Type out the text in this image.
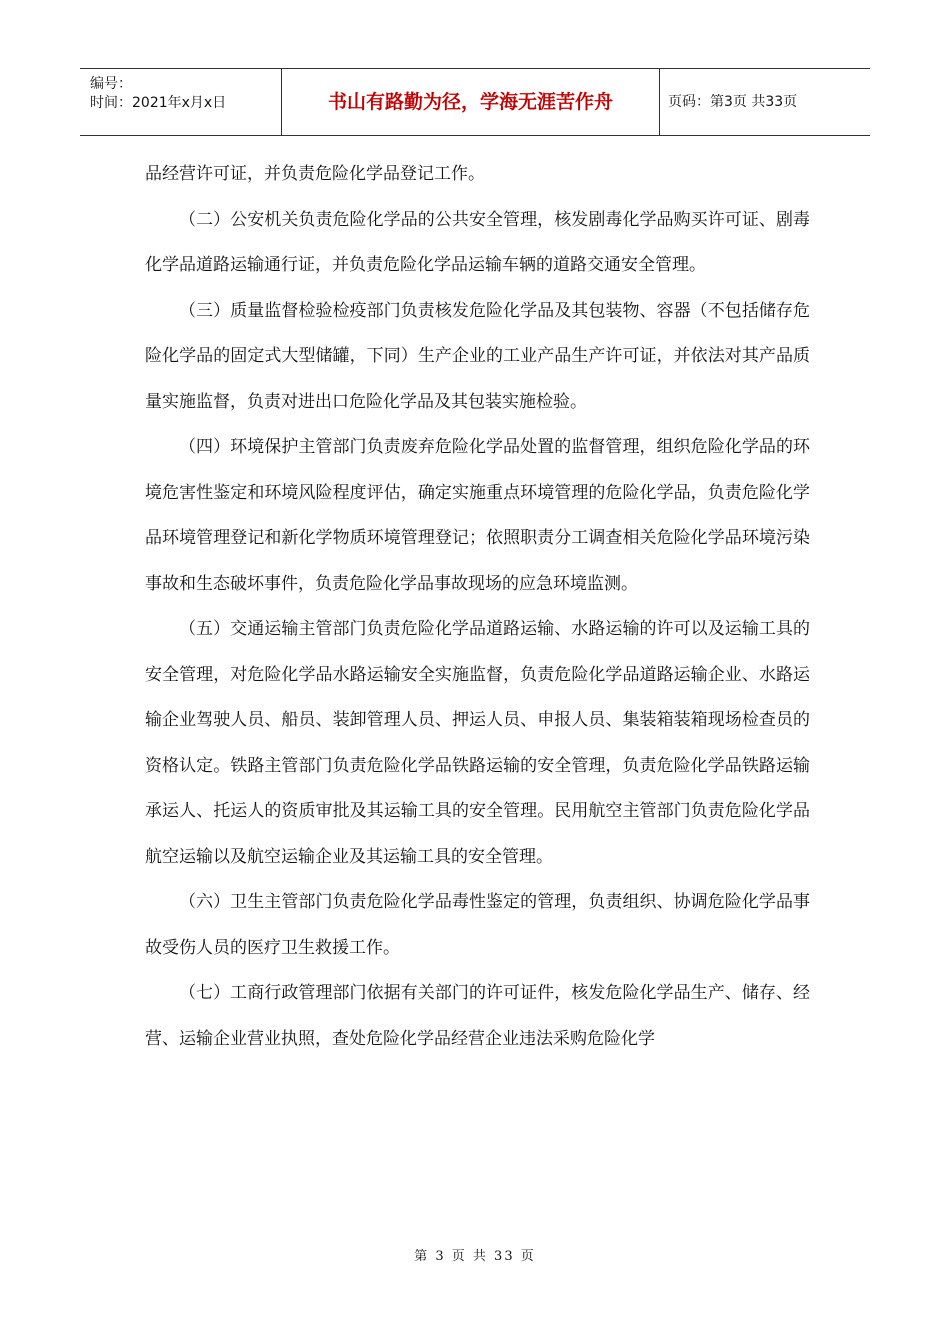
编号：
时间：2021年x月x日	书山有路勤为径，学海无涯苦作舟	页码：第3页 共33页

品经营许可证，并负责危险化学品登记工作。

（二）公安机关负责危险化学品的公共安全管理，核发剧毒化学品购买许可证、剧毒化学品道路运输通行证，并负责危险化学品运输车辆的道路交通安全管理。

（三）质量监督检验检疫部门负责核发危险化学品及其包装物、容器（不包括储存危险化学品的固定式大型储罐，下同）生产企业的工业产品生产许可证，并依法对其产品质量实施监督，负责对进出口危险化学品及其包装实施检验。

（四）环境保护主管部门负责废弃危险化学品处置的监督管理，组织危险化学品的环境危害性鉴定和环境风险程度评估，确定实施重点环境管理的危险化学品，负责危险化学品环境管理登记和新化学物质环境管理登记；依照职责分工调查相关危险化学品环境污染事故和生态破坏事件，负责危险化学品事故现场的应急环境监测。

（五）交通运输主管部门负责危险化学品道路运输、水路运输的许可以及运输工具的安全管理，对危险化学品水路运输安全实施监督，负责危险化学品道路运输企业、水路运输企业驾驶人员、船员、装卸管理人员、押运人员、申报人员、集装箱装箱现场检查员的资格认定。铁路主管部门负责危险化学品铁路运输的安全管理，负责危险化学品铁路运输承运人、托运人的资质审批及其运输工具的安全管理。民用航空主管部门负责危险化学品航空运输以及航空运输企业及其运输工具的安全管理。

（六）卫生主管部门负责危险化学品毒性鉴定的管理，负责组织、协调危险化学品事故受伤人员的医疗卫生救援工作。

（七）工商行政管理部门依据有关部门的许可证件，核发危险化学品生产、储存、经营、运输企业营业执照，查处危险化学品经营企业违法采购危险化学

第 3 页 共 33 页
